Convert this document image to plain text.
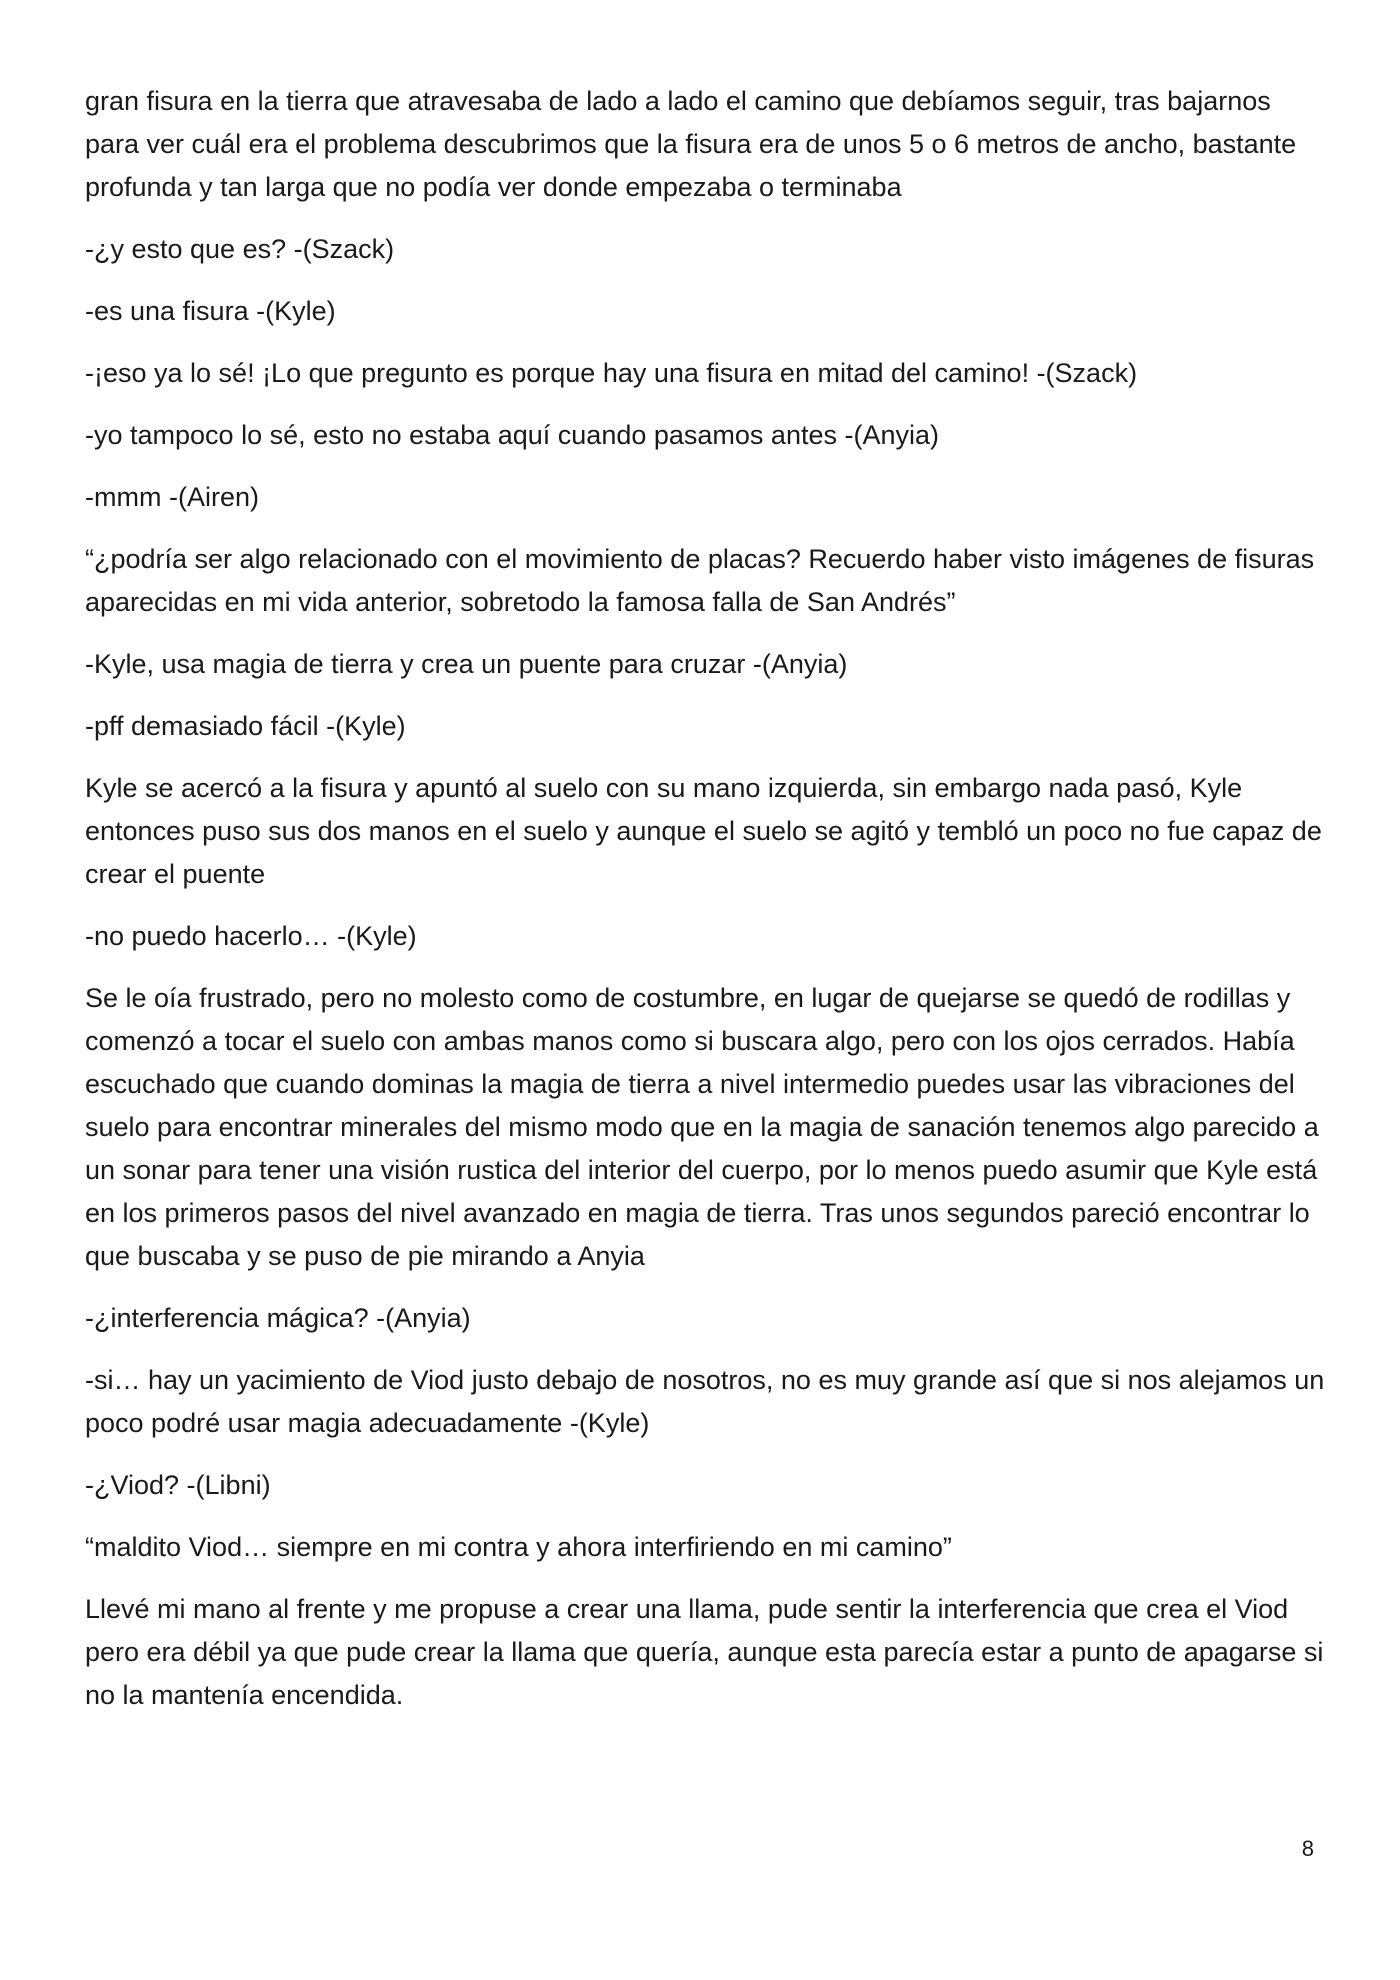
gran fisura en la tierra que atravesaba de lado a lado el camino que debíamos seguir, tras bajarnos para ver cuál era el problema descubrimos que la fisura era de unos 5 o 6 metros de ancho, bastante profunda y tan larga que no podía ver donde empezaba o terminaba

-¿y esto que es? -(Szack)

-es una fisura -(Kyle)

-¡eso ya lo sé! ¡Lo que pregunto es porque hay una fisura en mitad del camino! -(Szack)

-yo tampoco lo sé, esto no estaba aquí cuando pasamos antes -(Anyia)

-mmm -(Airen)

“¿podría ser algo relacionado con el movimiento de placas? Recuerdo haber visto imágenes de fisuras aparecidas en mi vida anterior, sobretodo la famosa falla de San Andrés”

-Kyle, usa magia de tierra y crea un puente para cruzar -(Anyia)

-pff demasiado fácil -(Kyle)

Kyle se acercó a la fisura y apuntó al suelo con su mano izquierda, sin embargo nada pasó, Kyle entonces puso sus dos manos en el suelo y aunque el suelo se agitó y tembló un poco no fue capaz de crear el puente

-no puedo hacerlo… -(Kyle)

Se le oía frustrado, pero no molesto como de costumbre, en lugar de quejarse se quedó de rodillas y comenzó a tocar el suelo con ambas manos como si buscara algo, pero con los ojos cerrados. Había escuchado que cuando dominas la magia de tierra a nivel intermedio puedes usar las vibraciones del suelo para encontrar minerales del mismo modo que en la magia de sanación tenemos algo parecido a un sonar para tener una visión rustica del interior del cuerpo, por lo menos puedo asumir que Kyle está en los primeros pasos del nivel avanzado en magia de tierra. Tras unos segundos pareció encontrar lo que buscaba y se puso de pie mirando a Anyia

-¿interferencia mágica? -(Anyia)

-si… hay un yacimiento de Viod justo debajo de nosotros, no es muy grande así que si nos alejamos un poco podré usar magia adecuadamente -(Kyle)

-¿Viod? -(Libni)

“maldito Viod… siempre en mi contra y ahora interfiriendo en mi camino”

Llevé mi mano al frente y me propuse a crear una llama, pude sentir la interferencia que crea el Viod pero era débil ya que pude crear la llama que quería, aunque esta parecía estar a punto de apagarse si no la mantenía encendida.

8
